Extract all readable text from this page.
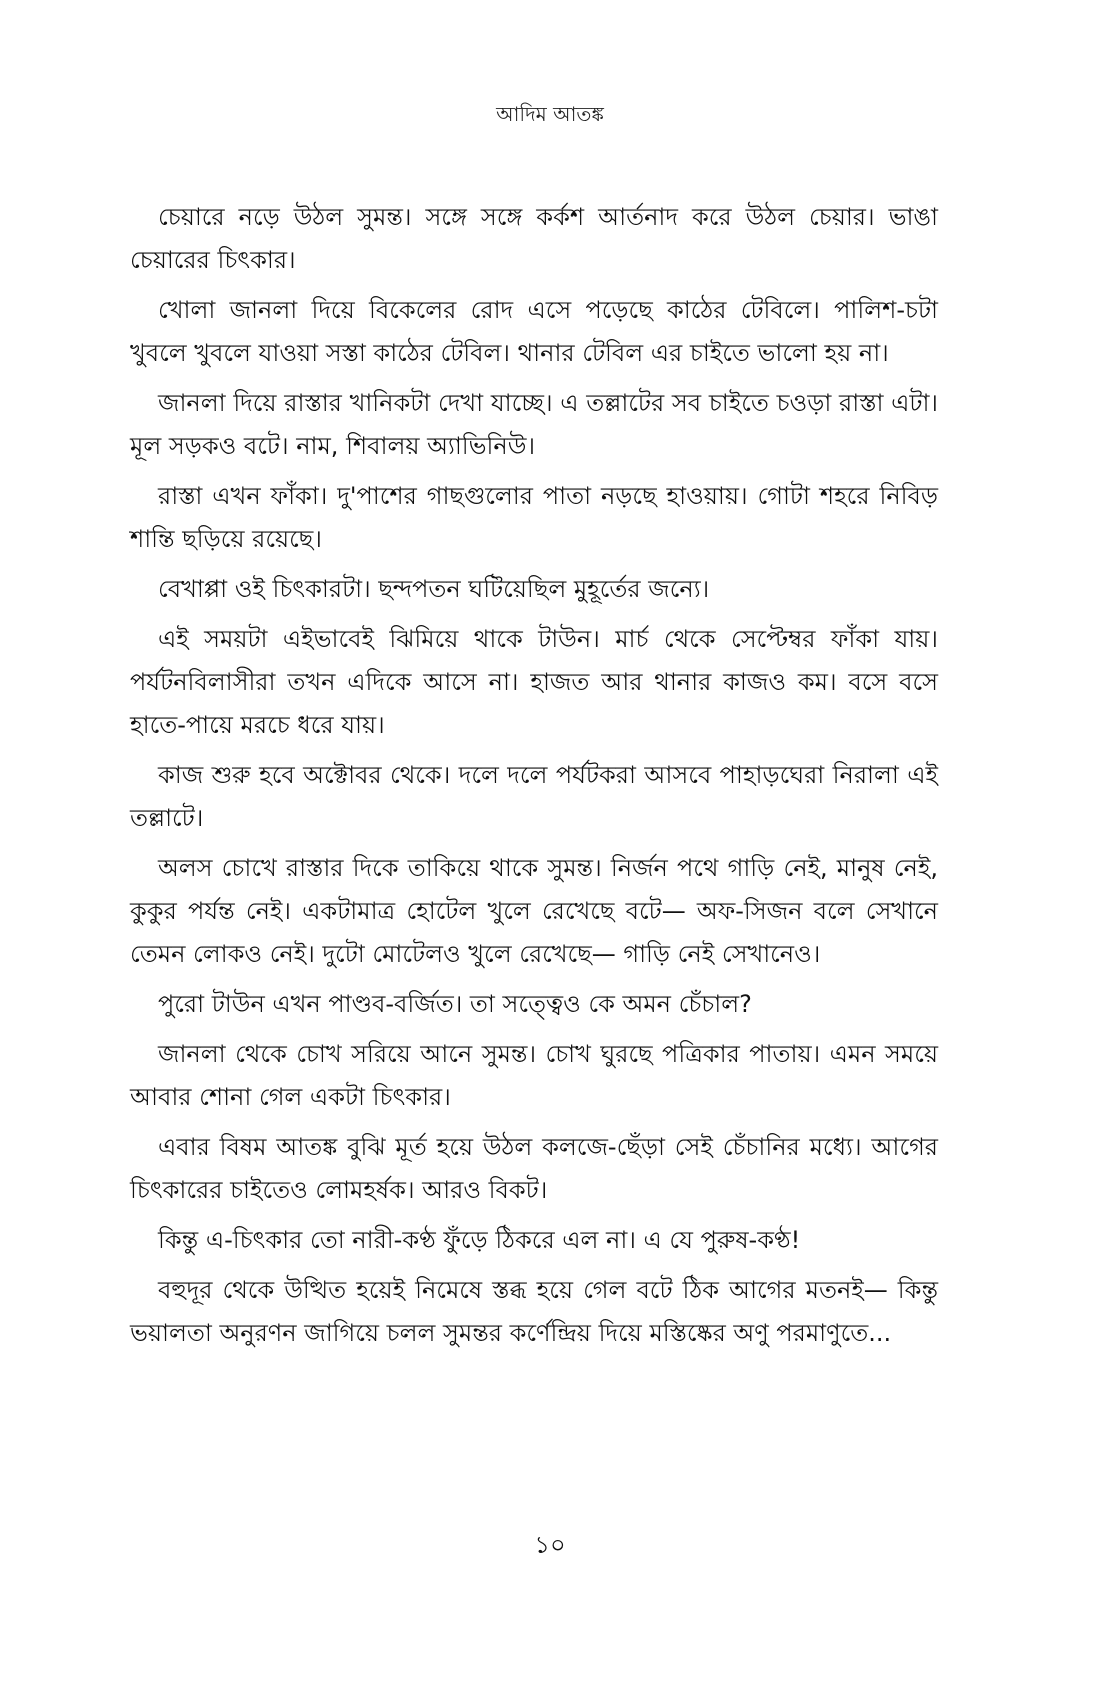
আদিম আতঙ্ক

চেয়ারে নড়ে উঠল সুমন্ত। সঙ্গে সঙ্গে কর্কশ আর্তনাদ করে উঠল চেয়ার। ভাঙা চেয়ারের চিৎকার।

খোলা জানলা দিয়ে বিকেলের রোদ এসে পড়েছে কাঠের টেবিলে। পালিশ-চটা খুবলে খুবলে যাওয়া সস্তা কাঠের টেবিল। থানার টেবিল এর চাইতে ভালো হয় না।

জানলা দিয়ে রাস্তার খানিকটা দেখা যাচ্ছে। এ তল্লাটের সব চাইতে চওড়া রাস্তা এটা। মূল সড়কও বটে। নাম, শিবালয় অ্যাভিনিউ।

রাস্তা এখন ফাঁকা। দু'পাশের গাছগুলোর পাতা নড়ছে হাওয়ায়। গোটা শহরে নিবিড় শান্তি ছড়িয়ে রয়েছে।

বেখাপ্পা ওই চিৎকারটা। ছন্দপতন ঘটিয়েছিল মুহূর্তের জন্যে।

এই সময়টা এইভাবেই ঝিমিয়ে থাকে টাউন। মার্চ থেকে সেপ্টেম্বর ফাঁকা যায়। পর্যটনবিলাসীরা তখন এদিকে আসে না। হাজত আর থানার কাজও কম। বসে বসে হাতে-পায়ে মরচে ধরে যায়।

কাজ শুরু হবে অক্টোবর থেকে। দলে দলে পর্যটকরা আসবে পাহাড়ঘেরা নিরালা এই তল্লাটে।

অলস চোখে রাস্তার দিকে তাকিয়ে থাকে সুমন্ত। নির্জন পথে গাড়ি নেই, মানুষ নেই, কুকুর পর্যন্ত নেই। একটামাত্র হোটেল খুলে রেখেছে বটে— অফ-সিজন বলে সেখানে তেমন লোকও নেই। দুটো মোটেলও খুলে রেখেছে— গাড়ি নেই সেখানেও।

পুরো টাউন এখন পাণ্ডব-বর্জিত। তা সত্ত্বেও কে অমন চেঁচাল?

জানলা থেকে চোখ সরিয়ে আনে সুমন্ত। চোখ ঘুরছে পত্রিকার পাতায়। এমন সময়ে আবার শোনা গেল একটা চিৎকার।

এবার বিষম আতঙ্ক বুঝি মূর্ত হয়ে উঠল কলজে-ছেঁড়া সেই চেঁচানির মধ্যে। আগের চিৎকারের চাইতেও লোমহর্ষক। আরও বিকট।

কিন্তু এ-চিৎকার তো নারী-কণ্ঠ ফুঁড়ে ঠিকরে এল না। এ যে পুরুষ-কণ্ঠ!

বহুদূর থেকে উত্থিত হয়েই নিমেষে স্তব্ধ হয়ে গেল বটে ঠিক আগের মতনই— কিন্তু ভয়ালতা অনুরণন জাগিয়ে চলল সুমন্তর কর্ণেন্দ্রিয় দিয়ে মস্তিষ্কের অণু পরমাণুতে...

১০
